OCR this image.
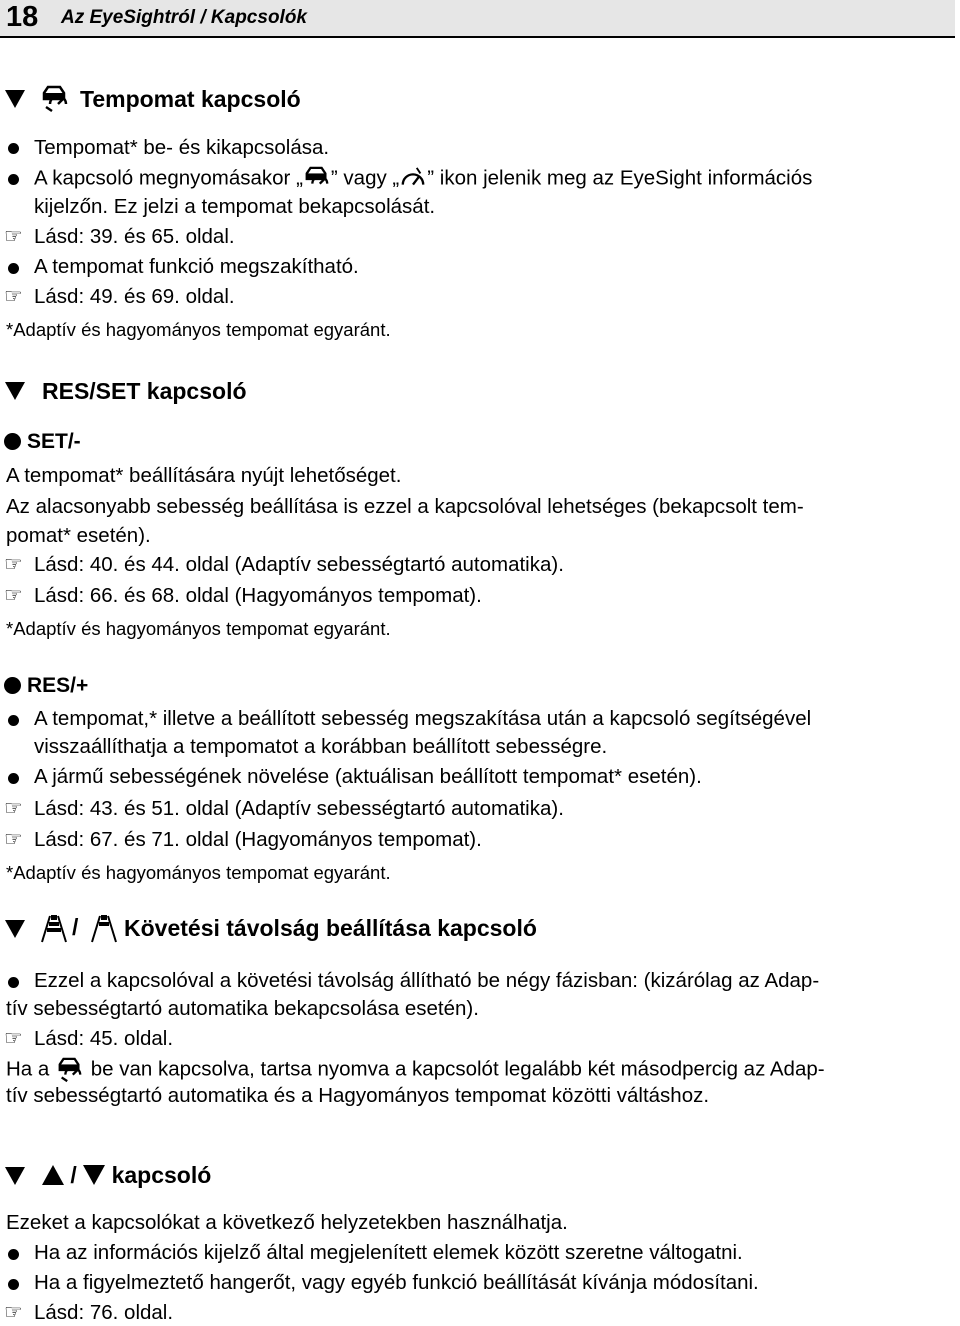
18 Az EyeSightról / Kapcsolók
Tempomat kapcsoló
Tempomat* be- és kikapcsolása.
A kapcsoló megnyomásakor „ ” vagy „ ” ikon jelenik meg az EyeSight információs
kijelzőn. Ez jelzi a tempomat bekapcsolását.
☞ Lásd: 39. és 65. oldal.
A tempomat funkció megszakítható.
☞ Lásd: 49. és 69. oldal.
*Adaptív és hagyományos tempomat egyaránt.
RES/SET kapcsoló
SET/-
A tempomat* beállítására nyújt lehetőséget.
Az alacsonyabb sebesség beállítása is ezzel a kapcsolóval lehetséges (bekapcsolt tem-
pomat* esetén).
☞ Lásd: 40. és 44. oldal (Adaptív sebességtartó automatika).
☞ Lásd: 66. és 68. oldal (Hagyományos tempomat).
*Adaptív és hagyományos tempomat egyaránt.
RES/+
A tempomat,* illetve a beállított sebesség megszakítása után a kapcsoló segítségével
visszaállíthatja a tempomatot a korábban beállított sebességre.
A jármű sebességének növelése (aktuálisan beállított tempomat* esetén).
☞ Lásd: 43. és 51. oldal (Adaptív sebességtartó automatika).
☞ Lásd: 67. és 71. oldal (Hagyományos tempomat).
*Adaptív és hagyományos tempomat egyaránt.
/ Követési távolság beállítása kapcsoló
Ezzel a kapcsolóval a követési távolság állítható be négy fázisban: (kizárólag az Adap-
tív sebességtartó automatika bekapcsolása esetén).
☞ Lásd: 45. oldal.
Ha a be van kapcsolva, tartsa nyomva a kapcsolót legalább két másodpercig az Adap-
tív sebességtartó automatika és a Hagyományos tempomat közötti váltáshoz.
/ kapcsoló
Ezeket a kapcsolókat a következő helyzetekben használhatja.
Ha az információs kijelző által megjelenített elemek között szeretne váltogatni.
Ha a figyelmeztető hangerőt, vagy egyéb funkció beállítását kívánja módosítani.
☞ Lásd: 76. oldal.
